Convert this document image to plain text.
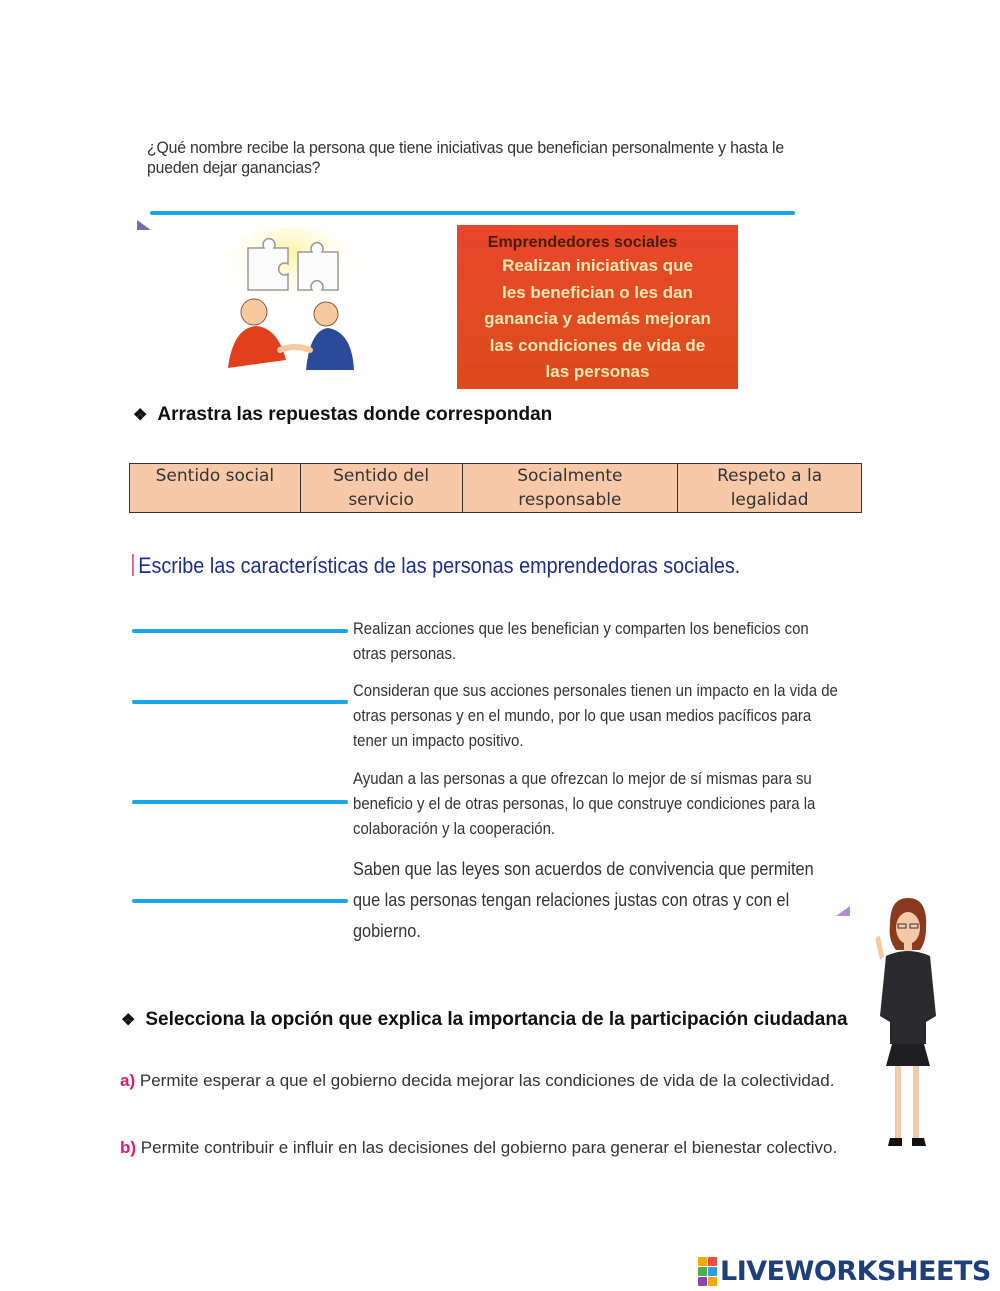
¿Qué nombre recibe la persona que tiene iniciativas que benefician personalmente y hasta le pueden dejar ganancias?
Emprendedores sociales
Realizan iniciativas que
les benefician o les dan
ganancia y además mejoran
las condiciones de vida de
las personas
❖ Arrastra las repuestas donde correspondan
Sentido social	Sentido del servicio	Socialmente responsable	Respeto a la legalidad
Escribe las características de las personas emprendedoras sociales.
Realizan acciones que les benefician y comparten los beneficios con otras personas.
Consideran que sus acciones personales tienen un impacto en la vida de otras personas y en el mundo, por lo que usan medios pacíficos para tener un impacto positivo.
Ayudan a las personas a que ofrezcan lo mejor de sí mismas para su beneficio y el de otras personas, lo que construye condiciones para la colaboración y la cooperación.
Saben que las leyes son acuerdos de convivencia que permiten que las personas tengan relaciones justas con otras y con el gobierno.
❖ Selecciona la opción que explica la importancia de la participación ciudadana
a) Permite esperar a que el gobierno decida mejorar las condiciones de vida de la colectividad.
b) Permite contribuir e influir en las decisiones del gobierno para generar el bienestar colectivo.
LIVEWORKSHEETS
